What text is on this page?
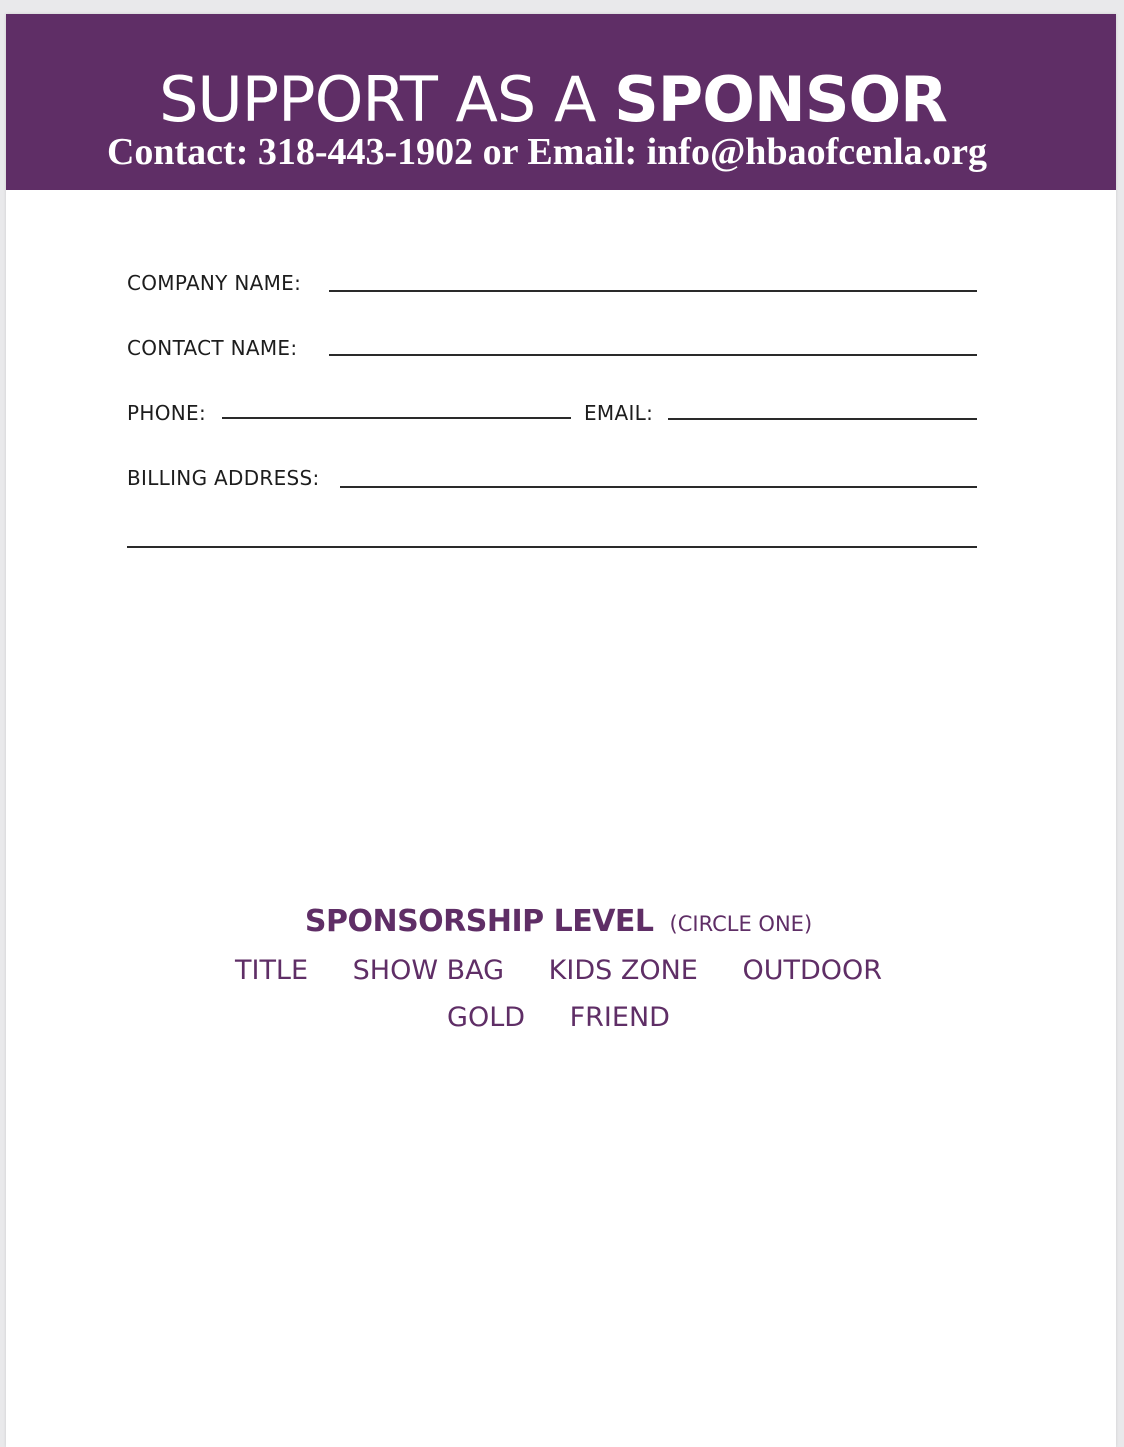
SUPPORT AS A SPONSOR
Contact: 318-443-1902 or Email: info@hbaofcenla.org
COMPANY NAME:
CONTACT NAME:
PHONE:	EMAIL:
BILLING ADDRESS:
SPONSORSHIP LEVEL (CIRCLE ONE)
TITLE SHOW BAG KIDS ZONE OUTDOOR
GOLD FRIEND
